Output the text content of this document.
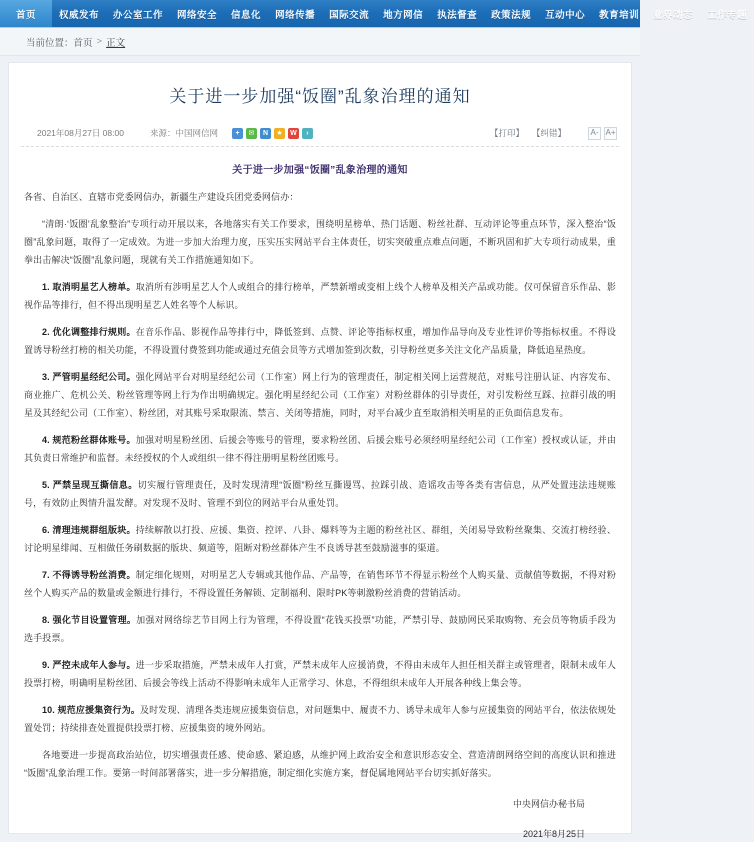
首页	权威发布	办公室工作	网络安全	信息化	网络传播	国际交流	地方网信	执法督查	政策法规	互动中心	教育培训	业界动态	工作专题
当前位置： 首页 > 正文
关于进一步加强“饭圈”乱象治理的通知
2021年08月27日 08:00	来源：中国网信网	+	✉	N	★	W	›	【打印】 【纠错】	A- A+
关于进一步加强“饭圈”乱象治理的通知

各省、自治区、直辖市党委网信办，新疆生产建设兵团党委网信办：

“清朗·‘饭圈’乱象整治”专项行动开展以来，各地落实有关工作要求，围绕明星榜单、热门话题、粉丝社群、互动评论等重点环节，深入整治“饭圈”乱象问题，取得了一定成效。为进一步加大治理力度，压实压实网站平台主体责任，切实突破重点难点问题，不断巩固和扩大专项行动成果，重拳出击解决“饭圈”乱象问题，现就有关工作措施通知如下。

1. 取消明星艺人榜单。取消所有涉明星艺人个人或组合的排行榜单，严禁新增或变相上线个人榜单及相关产品或功能。仅可保留音乐作品、影视作品等排行，但不得出现明星艺人姓名等个人标识。

2. 优化调整排行规则。在音乐作品、影视作品等排行中，降低签到、点赞、评论等指标权重，增加作品导向及专业性评价等指标权重。不得设置诱导粉丝打榜的相关功能，不得设置付费签到功能或通过充值会员等方式增加签到次数，引导粉丝更多关注文化产品质量，降低追星热度。

3. 严管明星经纪公司。强化网站平台对明星经纪公司（工作室）网上行为的管理责任，制定相关网上运营规范，对账号注册认证、内容发布、商业推广、危机公关、粉丝管理等网上行为作出明确规定。强化明星经纪公司（工作室）对粉丝群体的引导责任，对引发粉丝互踩、拉群引战的明星及其经纪公司（工作室）、粉丝团，对其账号采取限流、禁言、关闭等措施，同时，对平台减少直至取消相关明星的正负面信息发布。

4. 规范粉丝群体账号。加强对明星粉丝团、后援会等账号的管理，要求粉丝团、后援会账号必须经明星经纪公司（工作室）授权或认证，并由其负责日常维护和监督。未经授权的个人或组织一律不得注册明星粉丝团账号。

5. 严禁呈现互撕信息。切实履行管理责任，及时发现清理“饭圈”粉丝互撕谩骂、拉踩引战、造谣攻击等各类有害信息，从严处置违法违规账号，有效防止舆情升温发酵。对发现不及时、管理不到位的网站平台从重处罚。

6. 清理违规群组版块。持续解散以打投、应援、集资、控评、八卦、爆料等为主题的粉丝社区、群组，关闭易导致粉丝聚集、交流打榜经验、讨论明星绯闻、互相做任务刷数据的版块、频道等，阻断对粉丝群体产生不良诱导甚至鼓励滋事的渠道。

7. 不得诱导粉丝消费。制定细化规则，对明星艺人专辑或其他作品、产品等，在销售环节不得显示粉丝个人购买量、贡献值等数据，不得对粉丝个人购买产品的数量或金额进行排行，不得设置任务解锁、定制福利、限时PK等刺激粉丝消费的营销活动。

8. 强化节目设置管理。加强对网络综艺节目网上行为管理，不得设置“花钱买投票”功能，严禁引导、鼓励网民采取购物、充会员等物质手段为选手投票。

9. 严控未成年人参与。进一步采取措施，严禁未成年人打赏，严禁未成年人应援消费，不得由未成年人担任相关群主或管理者，限制未成年人投票打榜，明确明星粉丝团、后援会等线上活动不得影响未成年人正常学习、休息，不得组织未成年人开展各种线上集会等。

10. 规范应援集资行为。及时发现、清理各类违规应援集资信息，对问题集中、履责不力、诱导未成年人参与应援集资的网站平台，依法依规处置处罚；持续排查处置提供投票打榜、应援集资的境外网站。

各地要进一步提高政治站位，切实增强责任感、使命感、紧迫感，从维护网上政治安全和意识形态安全、营造清朗网络空间的高度认识和推进“饭圈”乱象治理工作。要第一时间部署落实，进一步分解措施，制定细化实施方案，督促属地网站平台切实抓好落实。

中央网信办秘书局

2021年8月25日
